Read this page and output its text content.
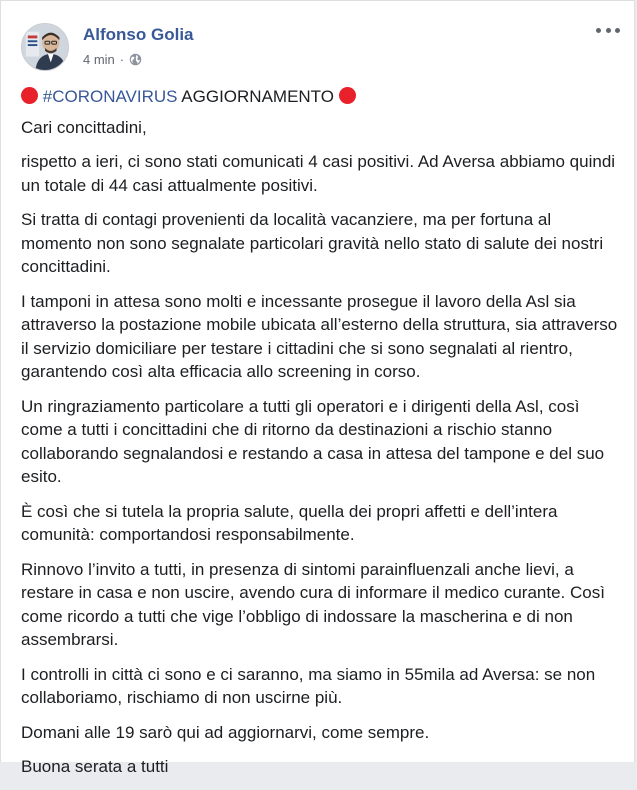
Alfonso Golia
4 min ·

#CORONAVIRUS AGGIORNAMENTO

Cari concittadini,

rispetto a ieri, ci sono stati comunicati 4 casi positivi. Ad Aversa abbiamo quindi un totale di 44 casi attualmente positivi.

Si tratta di contagi provenienti da località vacanziere, ma per fortuna al momento non sono segnalate particolari gravità nello stato di salute dei nostri concittadini.

I tamponi in attesa sono molti e incessante prosegue il lavoro della Asl sia attraverso la postazione mobile ubicata all’esterno della struttura, sia attraverso il servizio domiciliare per testare i cittadini che si sono segnalati al rientro, garantendo così alta efficacia allo screening in corso.

Un ringraziamento particolare a tutti gli operatori e i dirigenti della Asl, così come a tutti i concittadini che di ritorno da destinazioni a rischio stanno collaborando segnalandosi e restando a casa in attesa del tampone e del suo esito.

È così che si tutela la propria salute, quella dei propri affetti e dell’intera comunità: comportandosi responsabilmente.

Rinnovo l’invito a tutti, in presenza di sintomi parainfluenzali anche lievi, a restare in casa e non uscire, avendo cura di informare il medico curante. Così come ricordo a tutti che vige l’obbligo di indossare la mascherina e di non assembrarsi.

I controlli in città ci sono e ci saranno, ma siamo in 55mila ad Aversa: se non collaboriamo, rischiamo di non uscirne più.

Domani alle 19 sarò qui ad aggiornarvi, come sempre.

Buona serata a tutti
